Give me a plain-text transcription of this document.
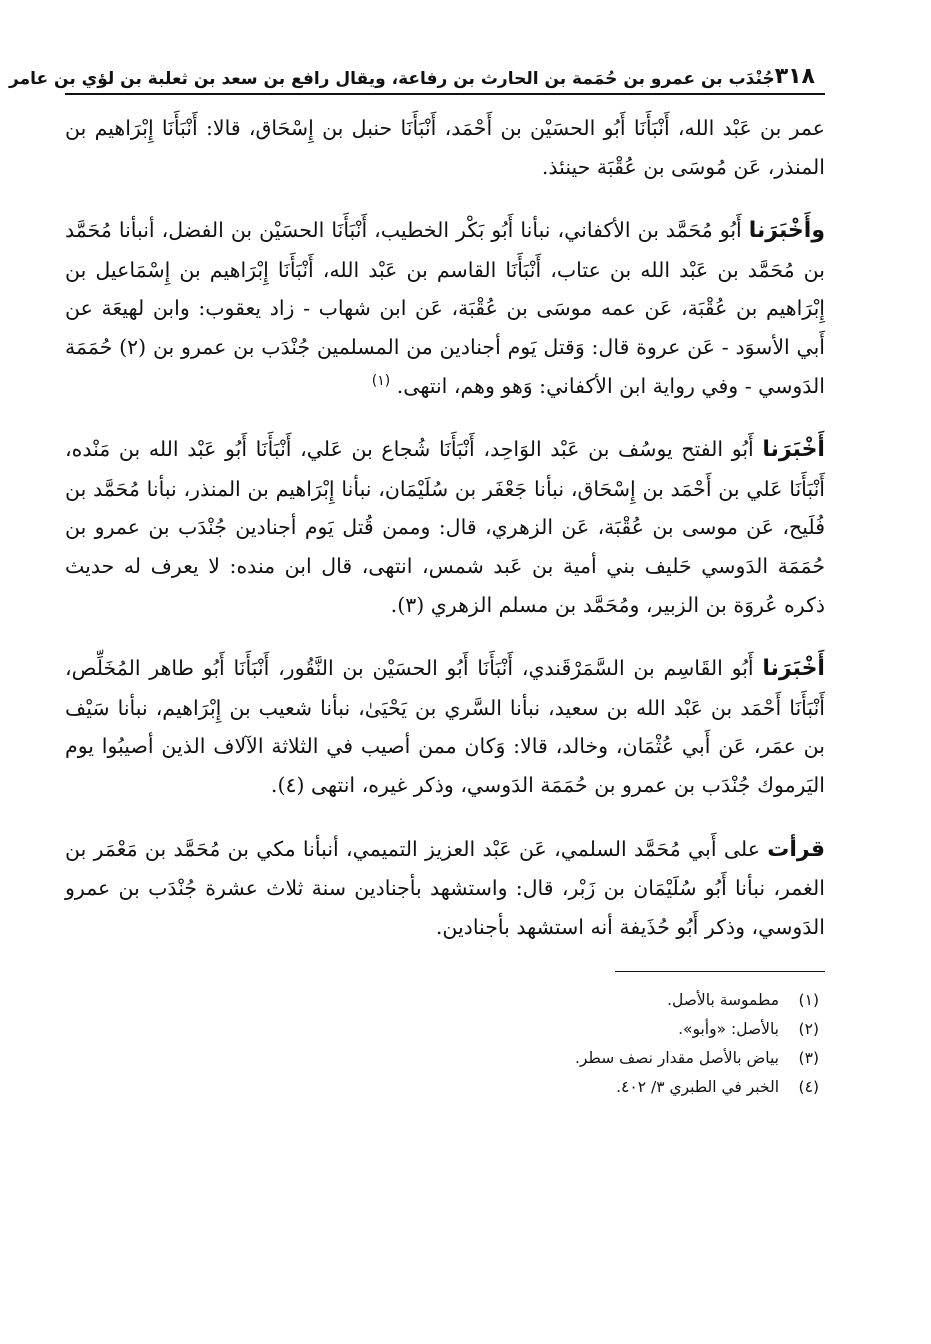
٣١٨
جُنْدَب بن عمرو بن حُمَمة بن الحارث بن رفاعة، ويقال رافع بن سعد بن ثعلبة بن لؤي بن عامر

عمر بن عَبْد الله، أَنْبَأَنَا أَبُو الحسَيْن بن أَحْمَد، أَنْبَأَنَا حنبل بن إِسْحَاق، قالا: أَنْبَأَنَا إِبْرَاهيم بن المنذر، عَن مُوسَى بن عُقْبَة حينئذ.

وأَخْبَرَنا أَبُو مُحَمَّد بن الأكفاني، نبأنا أَبُو بَكْر الخطيب، أَنْبَأَنَا الحسَيْن بن الفضل، أنبأنا مُحَمَّد بن مُحَمَّد بن عَبْد الله بن عتاب، أَنْبَأَنَا القاسم بن عَبْد الله، أَنْبَأَنَا إِبْرَاهيم بن إِسْمَاعيل بن إِبْرَاهيم بن عُقْبَة، عَن عمه موسَى بن عُقْبَة، عَن ابن شهاب - زاد يعقوب: وابن لهيعَة عن أَبي الأسوَد - عَن عروة قال: وَقتل يَوم أجنادين من المسلمين جُنْدَب بن عمرو بن (٢) حُمَمَة الدَوسي - وفي رواية ابن الأكفاني: وَهو وهم، انتهى. $^{(١)}$

أَخْبَرَنا أَبُو الفتح يوسُف بن عَبْد الوَاحِد، أَنْبَأَنَا شُجاع بن عَلي، أَنْبَأَنَا أَبُو عَبْد الله بن مَنْده، أَنْبَأَنَا عَلي بن أَحْمَد بن إِسْحَاق، نبأنا جَعْفَر بن سُلَيْمَان، نبأنا إِبْرَاهيم بن المنذر، نبأنا مُحَمَّد بن فُلَيح، عَن موسى بن عُقْبَة، عَن الزهري، قال: وممن قُتل يَوم أجنادين جُنْدَب بن عمرو بن حُمَمَة الدَوسي حَليف بني أمية بن عَبد شمس، انتهى، قال ابن منده: لا يعرف له حديث ذكره عُروَة بن الزبير، ومُحَمَّد بن مسلم الزهري (٣).

أَخْبَرَنا أَبُو القَاسِم بن السَّمَرْقَندي، أَنْبَأَنَا أَبُو الحسَيْن بن النَّقُور، أَنْبَأَنَا أَبُو طاهر المُخَلِّص، أَنْبَأَنَا أَحْمَد بن عَبْد الله بن سعيد، نبأنا السَّري بن يَحْيَىٰ، نبأنا شعيب بن إِبْرَاهيم، نبأنا سَيْف بن عمَر، عَن أَبي عُثْمَان، وخالد، قالا: وَكان ممن أصيب في الثلاثة الآلاف الذين أصيبُوا يوم اليَرموك جُنْدَب بن عمرو بن حُمَمَة الدَوسي، وذكر غيره، انتهى (٤).

قرأت على أَبي مُحَمَّد السلمي، عَن عَبْد العزيز التميمي، أنبأنا مكي بن مُحَمَّد بن مَعْمَر بن الغمر، نبأنا أَبُو سُلَيْمَان بن زَبْر، قال: واستشهد بأجنادين سنة ثلاث عشرة جُنْدَب بن عمرو الدَوسي، وذكر أَبُو حُذَيفة أنه استشهد بأجنادين.

(١)
مطموسة بالأصل.
(٢)
بالأصل: «وأبو».
(٣)
بياض بالأصل مقدار نصف سطر.
(٤)
الخبر في الطبري ٣/ ٤٠٢.
